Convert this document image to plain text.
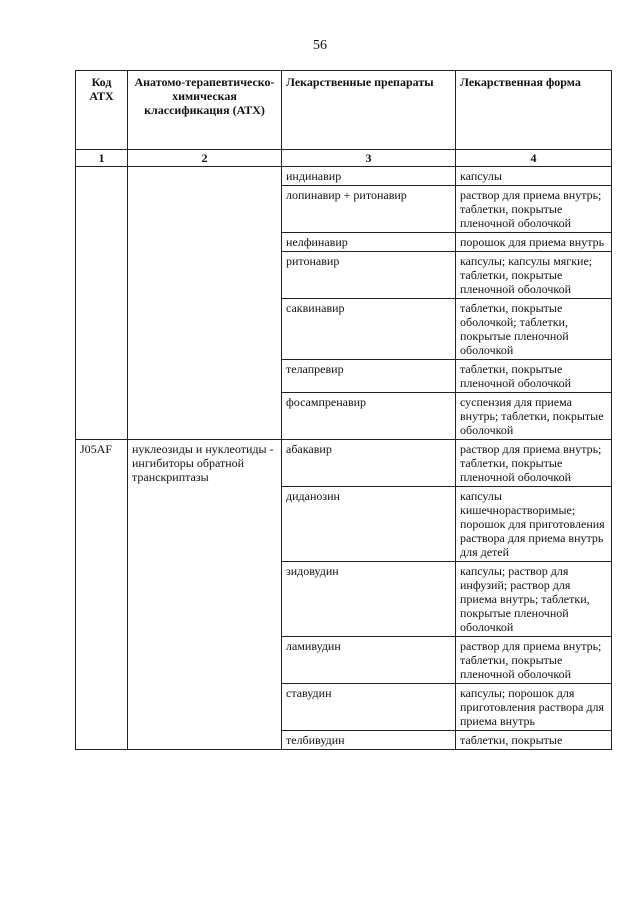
56
Код АТХ	Анатомо-терапевтическо-химическая классификация (АТХ)	Лекарственные препараты	Лекарственная форма
1	2	3	4
		индинавир	капсулы
		лопинавир + ритонавир	раствор для приема внутрь; таблетки, покрытые пленочной оболочкой
		нелфинавир	порошок для приема внутрь
		ритонавир	капсулы; капсулы мягкие; таблетки, покрытые пленочной оболочкой
		саквинавир	таблетки, покрытые оболочкой; таблетки, покрытые пленочной оболочкой
		телапревир	таблетки, покрытые пленочной оболочкой
		фосампренавир	суспензия для приема внутрь; таблетки, покрытые оболочкой
J05AF	нуклеозиды и нуклеотиды - ингибиторы обратной транскриптазы	абакавир	раствор для приема внутрь; таблетки, покрытые пленочной оболочкой
		диданозин	капсулы кишечнорастворимые; порошок для приготовления раствора для приема внутрь для детей
		зидовудин	капсулы; раствор для инфузий; раствор для приема внутрь; таблетки, покрытые пленочной оболочкой
		ламивудин	раствор для приема внутрь; таблетки, покрытые пленочной оболочкой
		ставудин	капсулы; порошок для приготовления раствора для приема внутрь
		телбивудин	таблетки, покрытые
